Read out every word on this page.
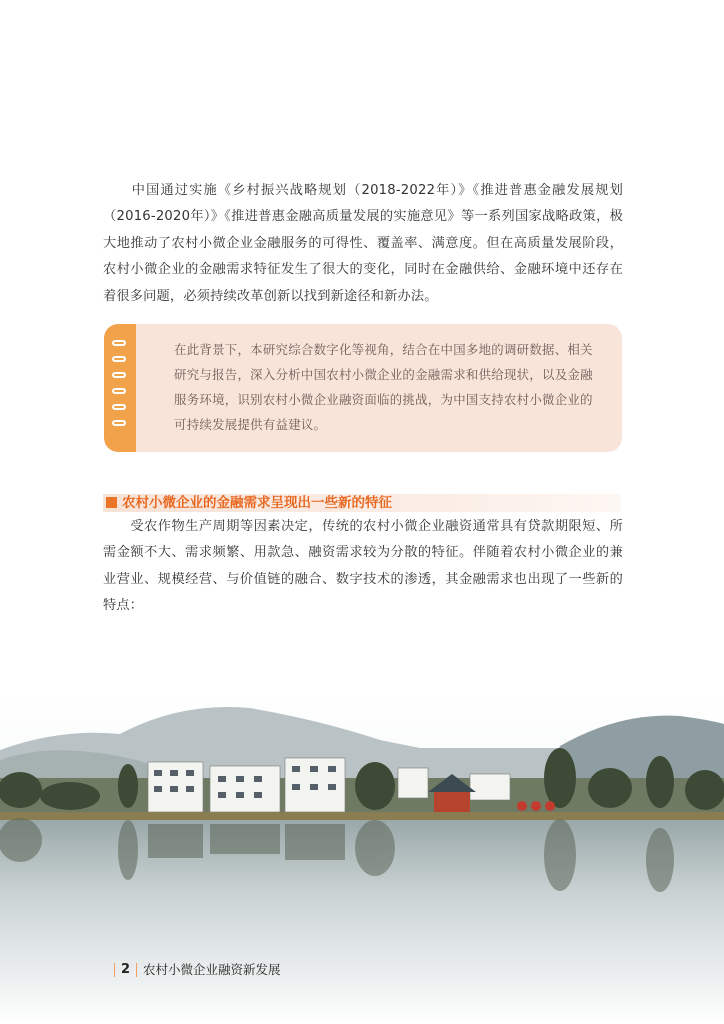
　　中国通过实施《乡村振兴战略规划（2018-2022年）》《推进普惠金融发展规划（2016-2020年）》《推进普惠金融高质量发展的实施意见》等一系列国家战略政策，极大地推动了农村小微企业金融服务的可得性、覆盖率、满意度。但在高质量发展阶段，农村小微企业的金融需求特征发生了很大的变化，同时在金融供给、金融环境中还存在着很多问题，必须持续改革创新以找到新途径和新办法。

在此背景下，本研究综合数字化等视角，结合在中国多地的调研数据、相关研究与报告，深入分析中国农村小微企业的金融需求和供给现状，以及金融服务环境，识别农村小微企业融资面临的挑战，为中国支持农村小微企业的可持续发展提供有益建议。

农村小微企业的金融需求呈现出一些新的特征

　　受农作物生产周期等因素决定，传统的农村小微企业融资通常具有贷款期限短、所需金额不大、需求频繁、用款急、融资需求较为分散的特征。伴随着农村小微企业的兼业营业、规模经营、与价值链的融合、数字技术的渗透，其金融需求也出现了一些新的特点：

2 农村小微企业融资新发展
